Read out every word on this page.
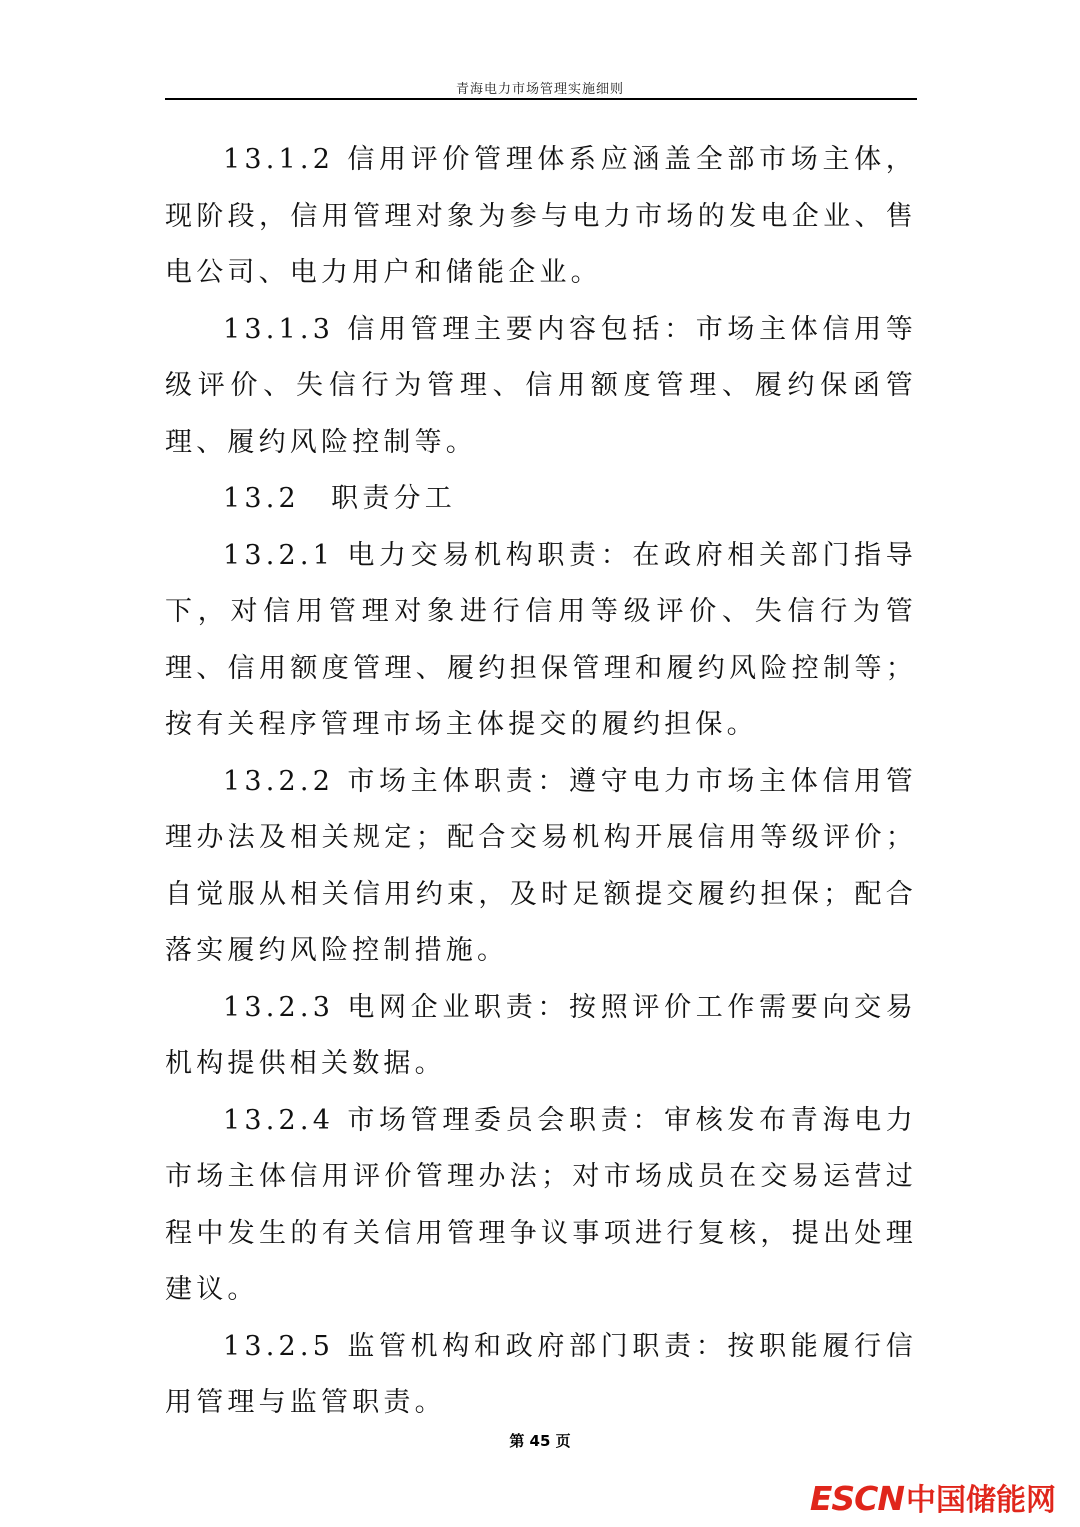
青海电力市场管理实施细则

13.1.2 信用评价管理体系应涵盖全部市场主体，现阶段，信用管理对象为参与电力市场的发电企业、售电公司、电力用户和储能企业。

13.1.3 信用管理主要内容包括：市场主体信用等级评价、失信行为管理、信用额度管理、履约保函管理、履约风险控制等。

13.2　职责分工

13.2.1 电力交易机构职责：在政府相关部门指导下，对信用管理对象进行信用等级评价、失信行为管理、信用额度管理、履约担保管理和履约风险控制等；按有关程序管理市场主体提交的履约担保。

13.2.2 市场主体职责：遵守电力市场主体信用管理办法及相关规定；配合交易机构开展信用等级评价；自觉服从相关信用约束，及时足额提交履约担保；配合落实履约风险控制措施。

13.2.3 电网企业职责：按照评价工作需要向交易机构提供相关数据。

13.2.4 市场管理委员会职责：审核发布青海电力市场主体信用评价管理办法；对市场成员在交易运营过程中发生的有关信用管理争议事项进行复核，提出处理建议。

13.2.5 监管机构和政府部门职责：按职能履行信用管理与监管职责。

第 45 页
ESCN 中国储能网
